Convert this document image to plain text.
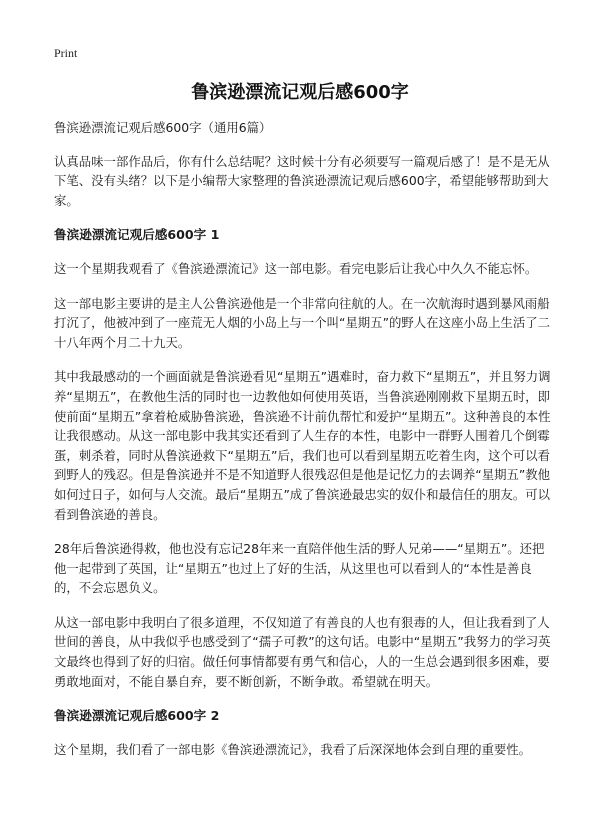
Print
鲁滨逊漂流记观后感600字

鲁滨逊漂流记观后感600字（通用6篇）

认真品味一部作品后，你有什么总结呢？这时候十分有必须要写一篇观后感了！是不是无从下笔、没有头绪？以下是小编帮大家整理的鲁滨逊漂流记观后感600字，希望能够帮助到大家。

鲁滨逊漂流记观后感600字 1

这一个星期我观看了《鲁滨逊漂流记》这一部电影。看完电影后让我心中久久不能忘怀。

这一部电影主要讲的是主人公鲁滨逊他是一个非常向往航的人。在一次航海时遇到暴风雨船打沉了，他被冲到了一座荒无人烟的小岛上与一个叫“星期五”的野人在这座小岛上生活了二十八年两个月二十九天。

其中我最感动的一个画面就是鲁滨逊看见“星期五”遇难时，奋力救下“星期五”，并且努力调养“星期五”，在教他生活的同时也一边教他如何使用英语，当鲁滨逊刚刚救下星期五时，即使前面“星期五”拿着枪威胁鲁滨逊，鲁滨逊不计前仇帮忙和爱护“星期五”。这种善良的本性让我很感动。从这一部电影中我其实还看到了人生存的本性，电影中一群野人围着几个倒霉蛋，刺杀着，同时从鲁滨逊救下“星期五”后，我们也可以看到星期五吃着生肉，这个可以看到野人的残忍。但是鲁滨逊并不是不知道野人很残忍但是他是记忆力的去调养“星期五”教他如何过日子，如何与人交流。最后“星期五”成了鲁滨逊最忠实的奴仆和最信任的朋友。可以看到鲁滨逊的善良。

28年后鲁滨逊得救，他也没有忘记28年来一直陪伴他生活的野人兄弟——“星期五”。还把他一起带到了英国，让“星期五”也过上了好的生活，从这里也可以看到人的“本性是善良的，不会忘恩负义。

从这一部电影中我明白了很多道理，不仅知道了有善良的人也有狠毒的人，但让我看到了人世间的善良，从中我似乎也感受到了“孺子可教”的这句话。电影中“星期五”我努力的学习英文最终也得到了好的归宿。做任何事情都要有勇气和信心，人的一生总会遇到很多困难，要勇敢地面对，不能自暴自弃，要不断创新，不断争敢。希望就在明天。

鲁滨逊漂流记观后感600字 2

这个星期，我们看了一部电影《鲁滨逊漂流记》，我看了后深深地体会到自理的重要性。
